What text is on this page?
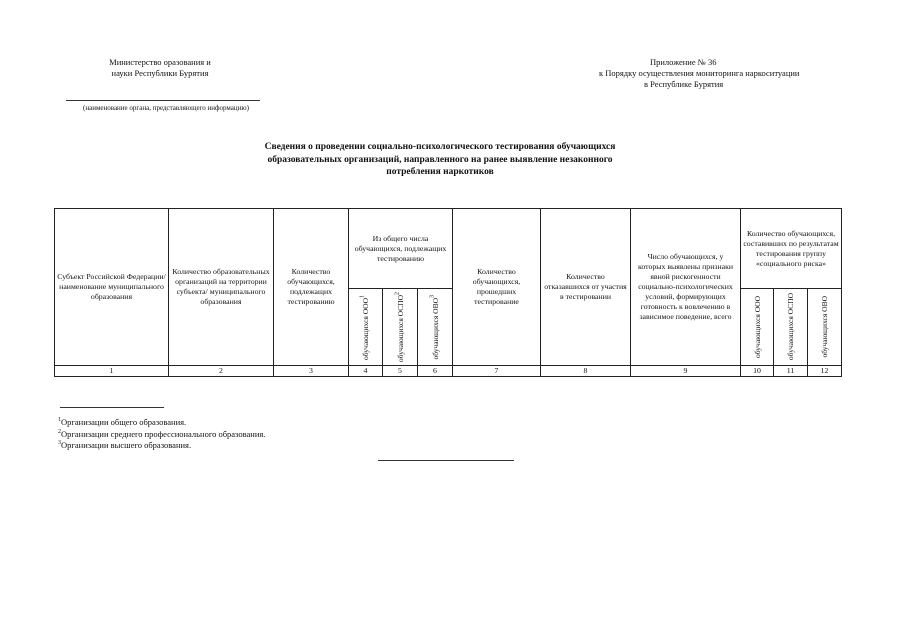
Министерство оразования и
науки Республики Бурятия
(наименование органа, представляющего информацию)
Приложение № 36
к Порядку осуществления мониторинга наркоситуации
в Республике Бурятия
Сведения о проведении социально-психологического тестирования обучающихся
образовательных организаций, направленного на ранее выявление незаконного
потребления наркотиков
Субъект Российской Федерации/ наименование муниципального образования	Количество образовательных организаций на территории субъекта/ муниципального образования	Количество обучающихся, подлежащих тестированию	Из общего числа обучающихся, подлежащих тестированию			Количество обучающихся, прошедших тестирование	Количество отказавшихся от участия в тестировании	Число обучающихся, у которых выявлены признаки явной рискогенности социально-психологических условий, формирующих готовность к вовлечению в зависимое поведение, всего	Количество обучающихся, составивших по результатам тестирования группу «социального риска»		

			обучающихся ООО$^1$	обучающихся ОСПО$^2$	обучающихся ОВО$^3$				обучающихся ООО	обучающихся ОСПО	обучающихся ОВО

1	2	3	4	5	6	7	8	9	10	11	12
$^1$Организации общего образования.
$^2$Организации среднего профессионального образования.
$^3$Организации высшего образования.
